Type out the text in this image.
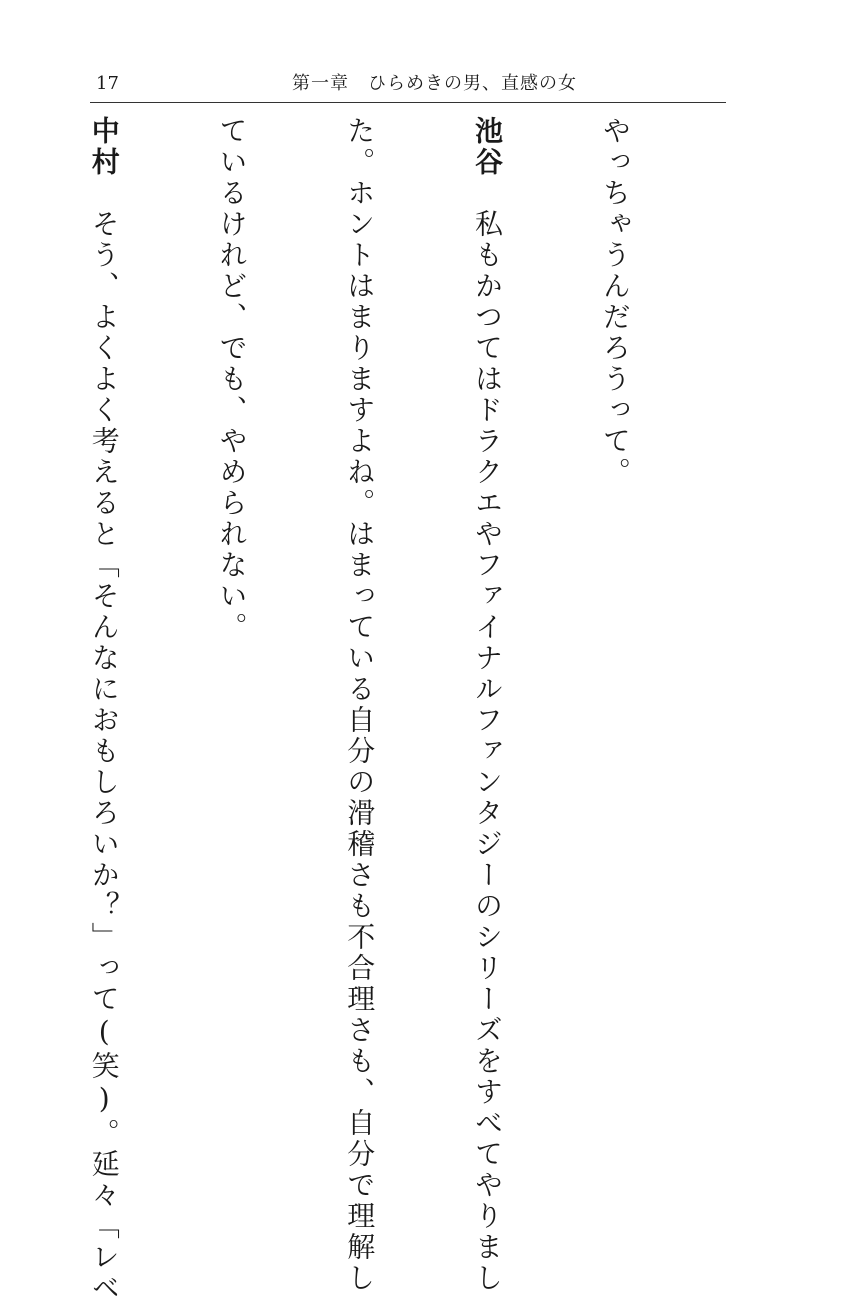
17	第一章　ひらめきの男、直感の女

やっちゃうんだろうって。

池谷　私もかつてはドラクエやファイナルファンタジーのシリーズをすべてやりまし

た。ホントはまりますよね。はまっている自分の滑稽さも不合理さも、自分で理解し

ているけれど、でも、やめられない。

中村　そう、よくよく考えると「そんなにおもしろいか？」って(笑)。延々「レベ
